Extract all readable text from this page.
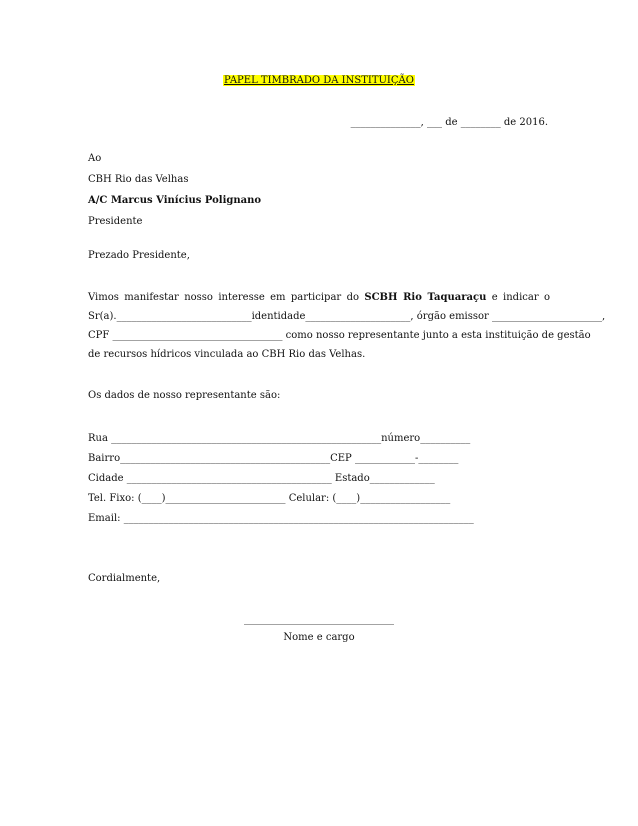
PAPEL TIMBRADO DA INSTITUIÇÃO
______________, ___ de ________ de 2016.
Ao
CBH Rio das Velhas
A/C Marcus Vinícius Polignano
Presidente
Prezado Presidente,

Vimos manifestar nosso interesse em participar do SCBH Rio Taquaraçu e indicar o

Sr(a).___________________________identidade_____________________, órgão emissor ______________________,

CPF __________________________________ como nosso representante junto a esta instituição de gestão

de recursos hídricos vinculada ao CBH Rio das Velhas.

Os dados de nosso representante são:
Rua ______________________________________________________número__________
Bairro__________________________________________CEP ____________-________
Cidade _________________________________________ Estado_____________
Tel. Fixo: (____)________________________ Celular: (____)__________________
Email: ______________________________________________________________________
Cordialmente,
______________________________
Nome e cargo
